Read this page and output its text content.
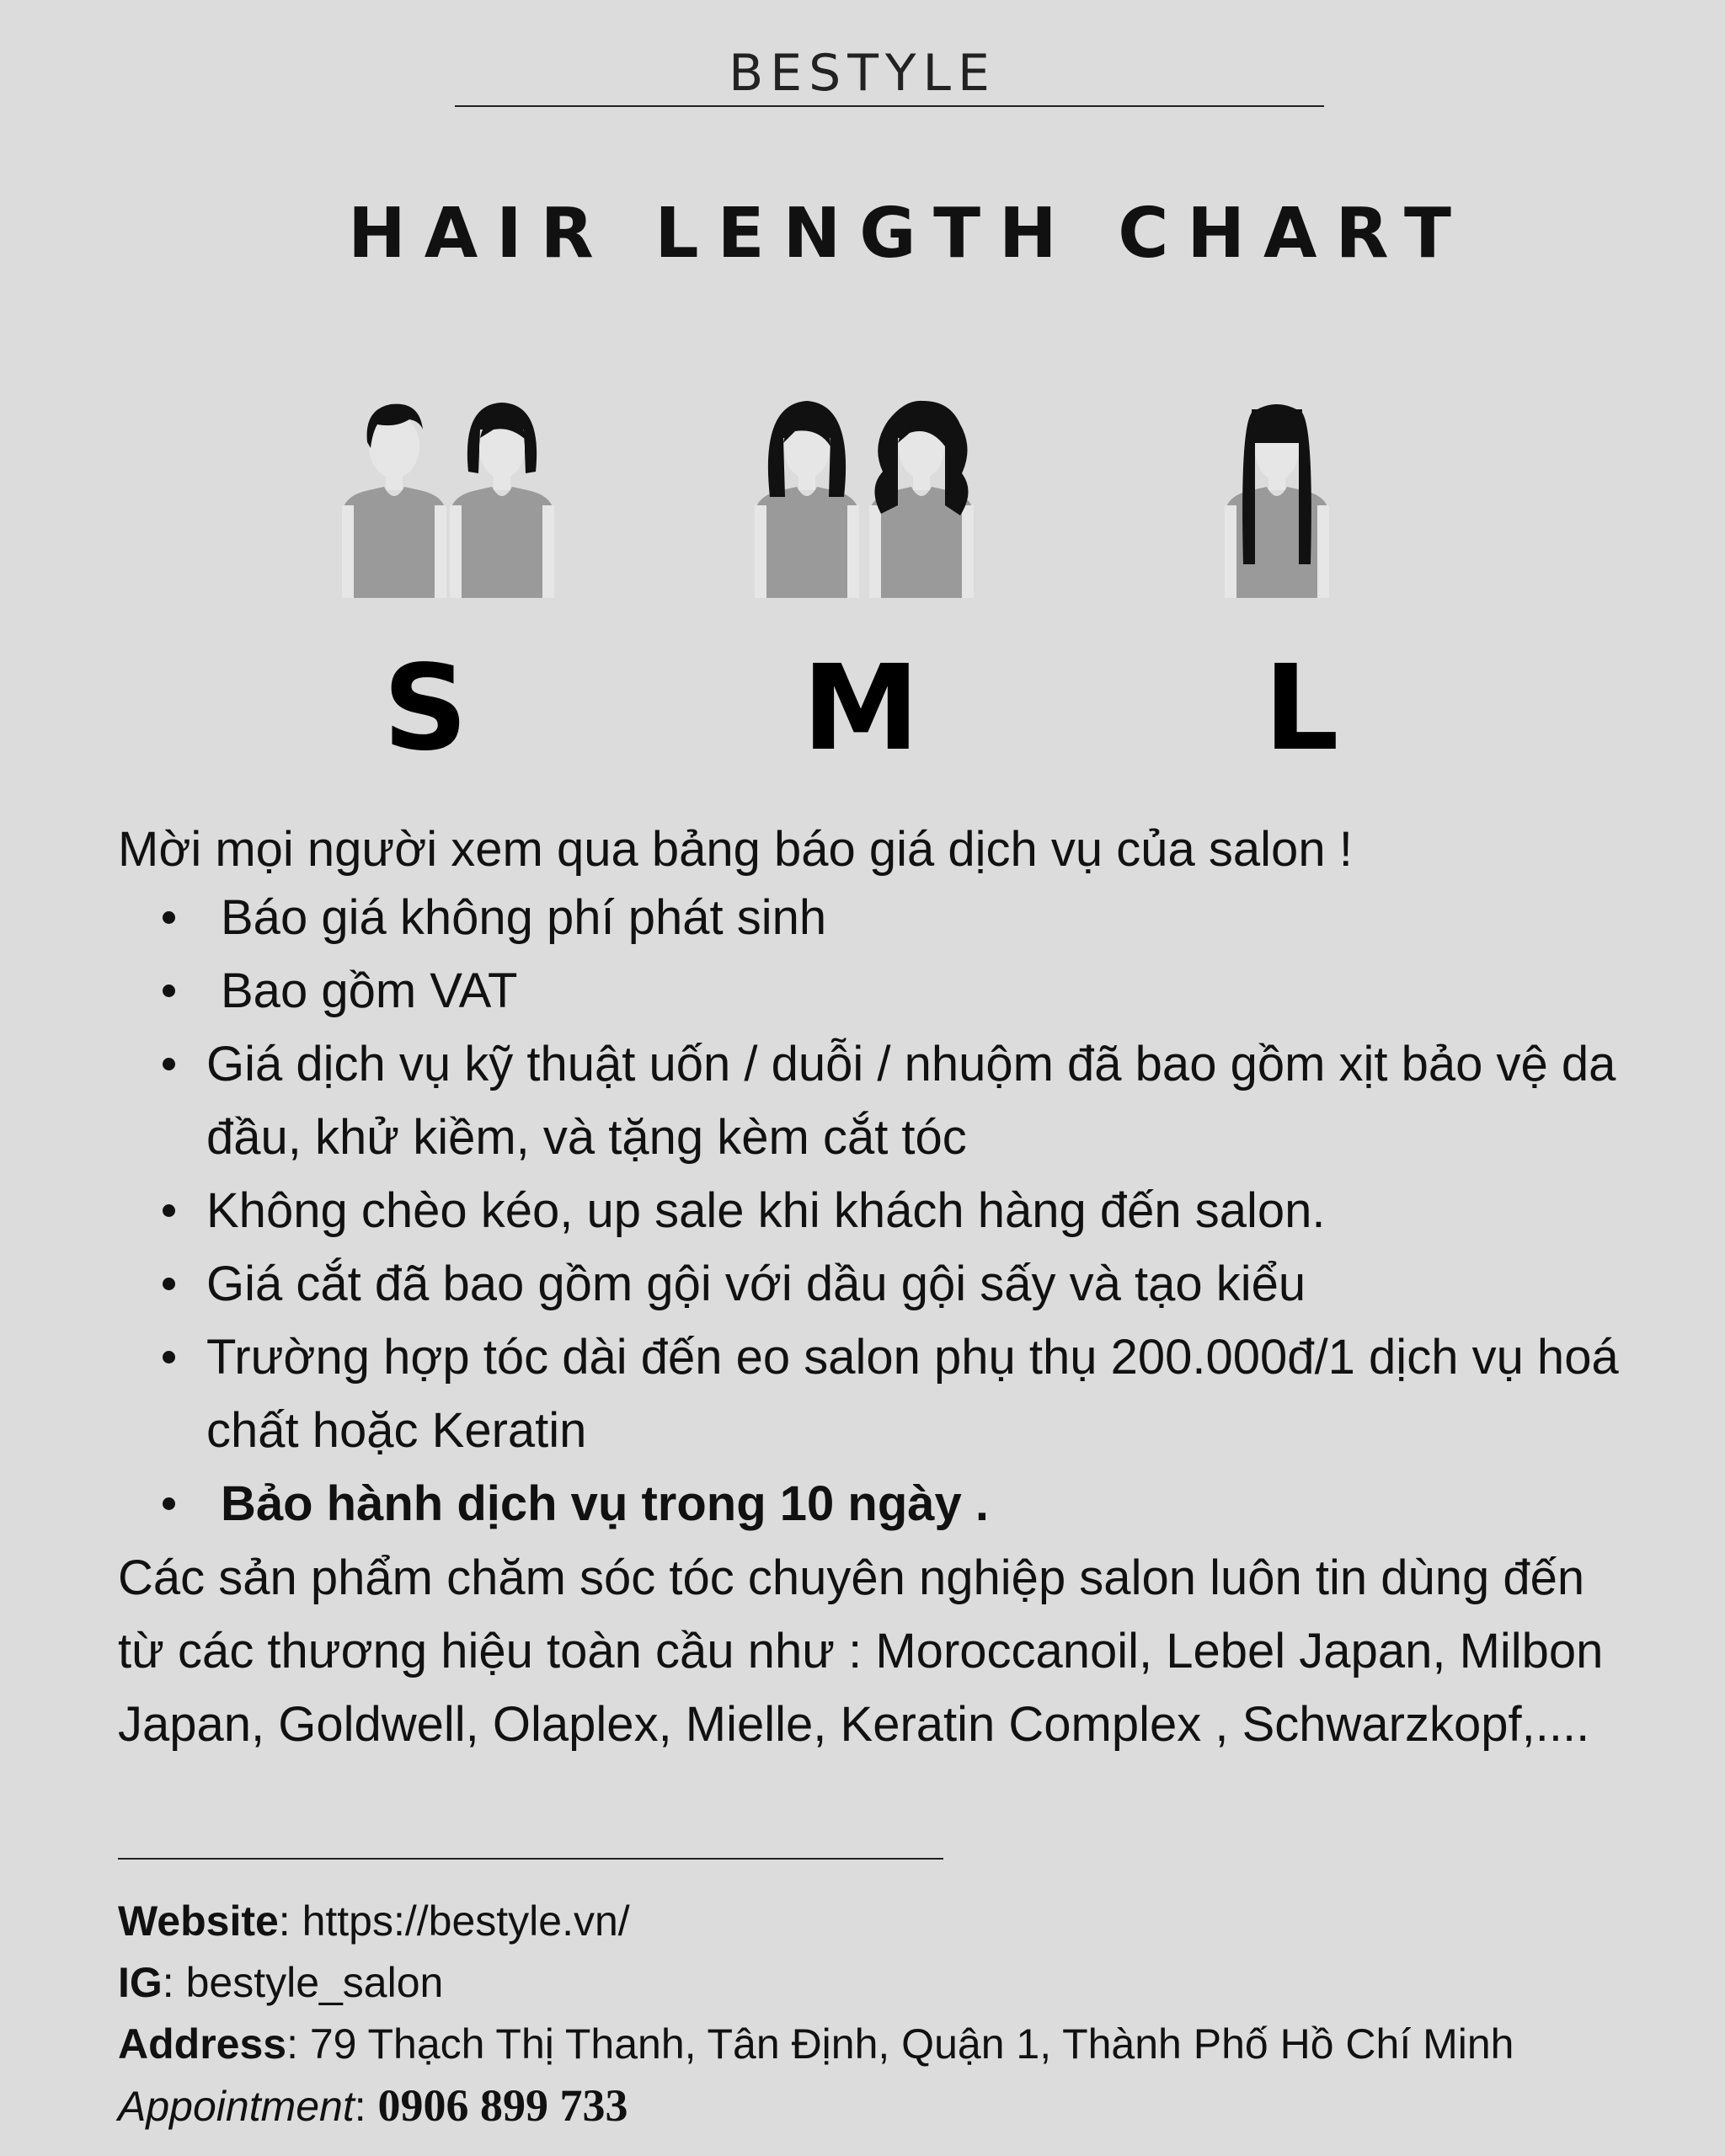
BESTYLE
HAIR LENGTH CHART
S	M	L
Mời mọi người xem qua bảng báo giá dịch vụ của salon !
Báo giá không phí phát sinh
Bao gồm VAT
Giá dịch vụ kỹ thuật uốn / duỗi / nhuộm đã bao gồm xịt bảo vệ da đầu, khử kiềm, và tặng kèm cắt tóc
Không chèo kéo, up sale khi khách hàng đến salon.
Giá cắt đã bao gồm gội với dầu gội sấy và tạo kiểu
Trường hợp tóc dài đến eo salon phụ thụ 200.000đ/1 dịch vụ hoá chất hoặc Keratin
Bảo hành dịch vụ trong 10 ngày .
Các sản phẩm chăm sóc tóc chuyên nghiệp salon luôn tin dùng đến từ các thương hiệu toàn cầu như : Moroccanoil, Lebel Japan, Milbon Japan, Goldwell, Olaplex, Mielle, Keratin Complex , Schwarzkopf,....
Website: https://bestyle.vn/
IG: bestyle_salon
Address: 79 Thạch Thị Thanh, Tân Định, Quận 1, Thành Phố Hồ Chí Minh
Appointment: 0906 899 733
